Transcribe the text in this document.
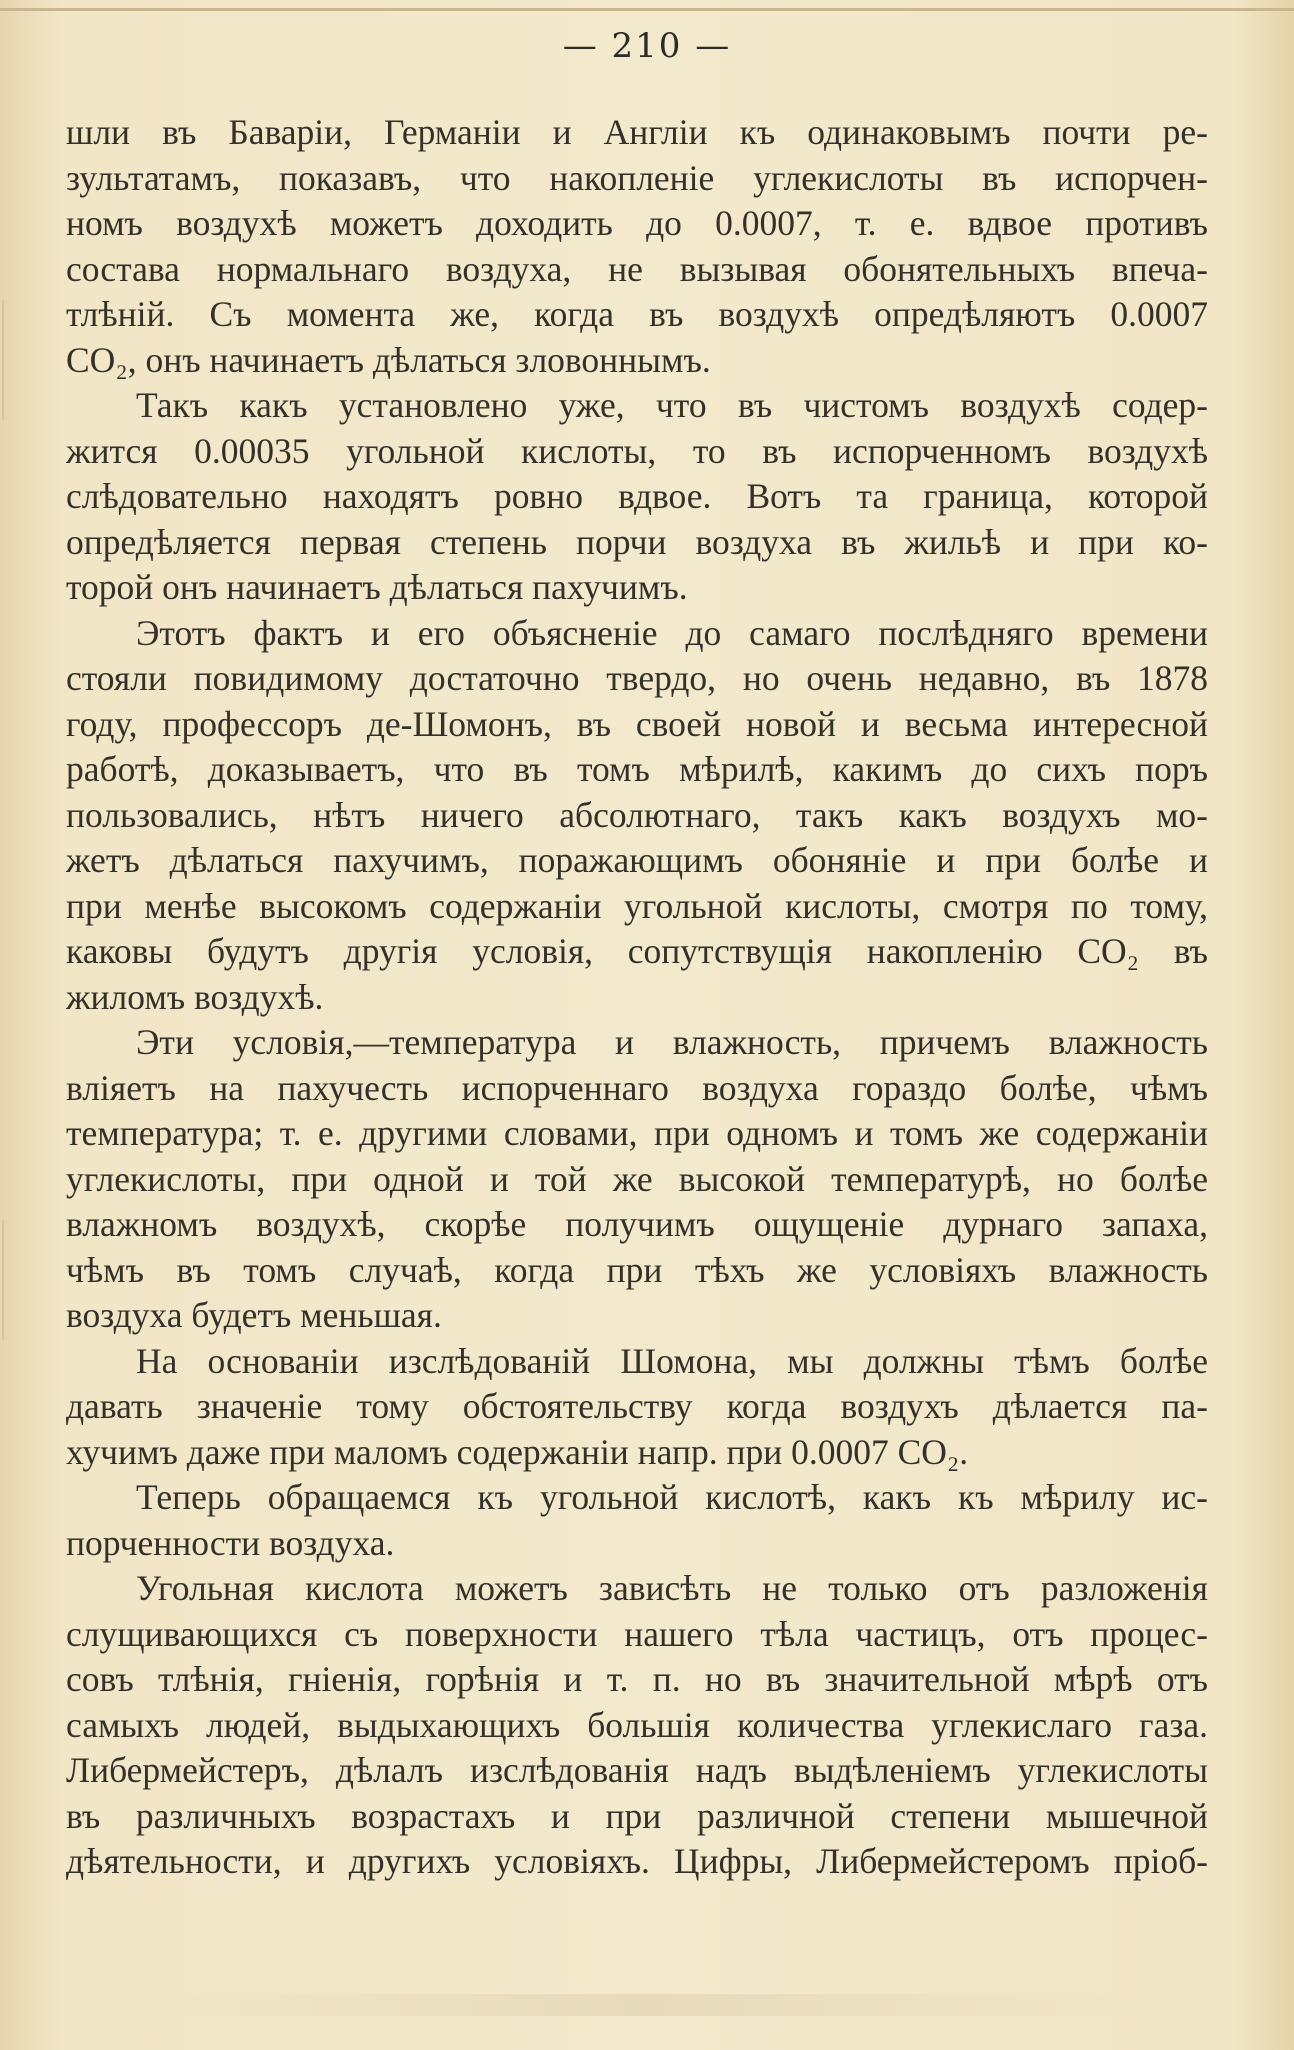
— 210 —
шли въ Баваріи, Германіи и Англіи къ одинаковымъ почти ре-
зультатамъ, показавъ, что накопленіе углекислоты въ испорчен-
номъ воздухѣ можетъ доходить до 0.0007, т. е. вдвое противъ
состава нормальнаго воздуха, не вызывая обонятельныхъ впеча-
тлѣній. Съ момента же, когда въ воздухѣ опредѣляютъ 0.0007
CO₂, онъ начинаетъ дѣлаться зловоннымъ.
Такъ какъ установлено уже, что въ чистомъ воздухѣ содер-
жится 0.00035 угольной кислоты, то въ испорченномъ воздухѣ
слѣдовательно находятъ ровно вдвое. Вотъ та граница, которой
опредѣляется первая степень порчи воздуха въ жильѣ и при ко-
торой онъ начинаетъ дѣлаться пахучимъ.
Этотъ фактъ и его объясненіе до самаго послѣдняго времени
стояли повидимому достаточно твердо, но очень недавно, въ 1878
году, профессоръ де-Шомонъ, въ своей новой и весьма интересной
работѣ, доказываетъ, что въ томъ мѣрилѣ, какимъ до сихъ поръ
пользовались, нѣтъ ничего абсолютнаго, такъ какъ воздухъ мо-
жетъ дѣлаться пахучимъ, поражающимъ обоняніе и при болѣе и
при менѣе высокомъ содержаніи угольной кислоты, смотря по тому,
каковы будутъ другія условія, сопутствущія накопленію CO₂ въ
жиломъ воздухѣ.
Эти условія,—температура и влажность, причемъ влажность
вліяетъ на пахучесть испорченнаго воздуха гораздо болѣе, чѣмъ
температура; т. е. другими словами, при одномъ и томъ же содержаніи
углекислоты, при одной и той же высокой температурѣ, но болѣе
влажномъ воздухѣ, скорѣе получимъ ощущеніе дурнаго запаха,
чѣмъ въ томъ случаѣ, когда при тѣхъ же условіяхъ влажность
воздуха будетъ меньшая.
На основаніи изслѣдованій Шомона, мы должны тѣмъ болѣе
давать значеніе тому обстоятельству когда воздухъ дѣлается па-
хучимъ даже при маломъ содержаніи напр. при 0.0007 CO₂.
Теперь обращаемся къ угольной кислотѣ, какъ къ мѣрилу ис-
порченности воздуха.
Угольная кислота можетъ зависѣть не только отъ разложенія
слущивающихся съ поверхности нашего тѣла частицъ, отъ процес-
совъ тлѣнія, гніенія, горѣнія и т. п. но въ значительной мѣрѣ отъ
самыхъ людей, выдыхающихъ большія количества углекислаго газа.
Либермейстеръ, дѣлалъ изслѣдованія надъ выдѣленіемъ углекислоты
въ различныхъ возрастахъ и при различной степени мышечной
дѣятельности, и другихъ условіяхъ. Цифры, Либермейстеромъ пріоб-
